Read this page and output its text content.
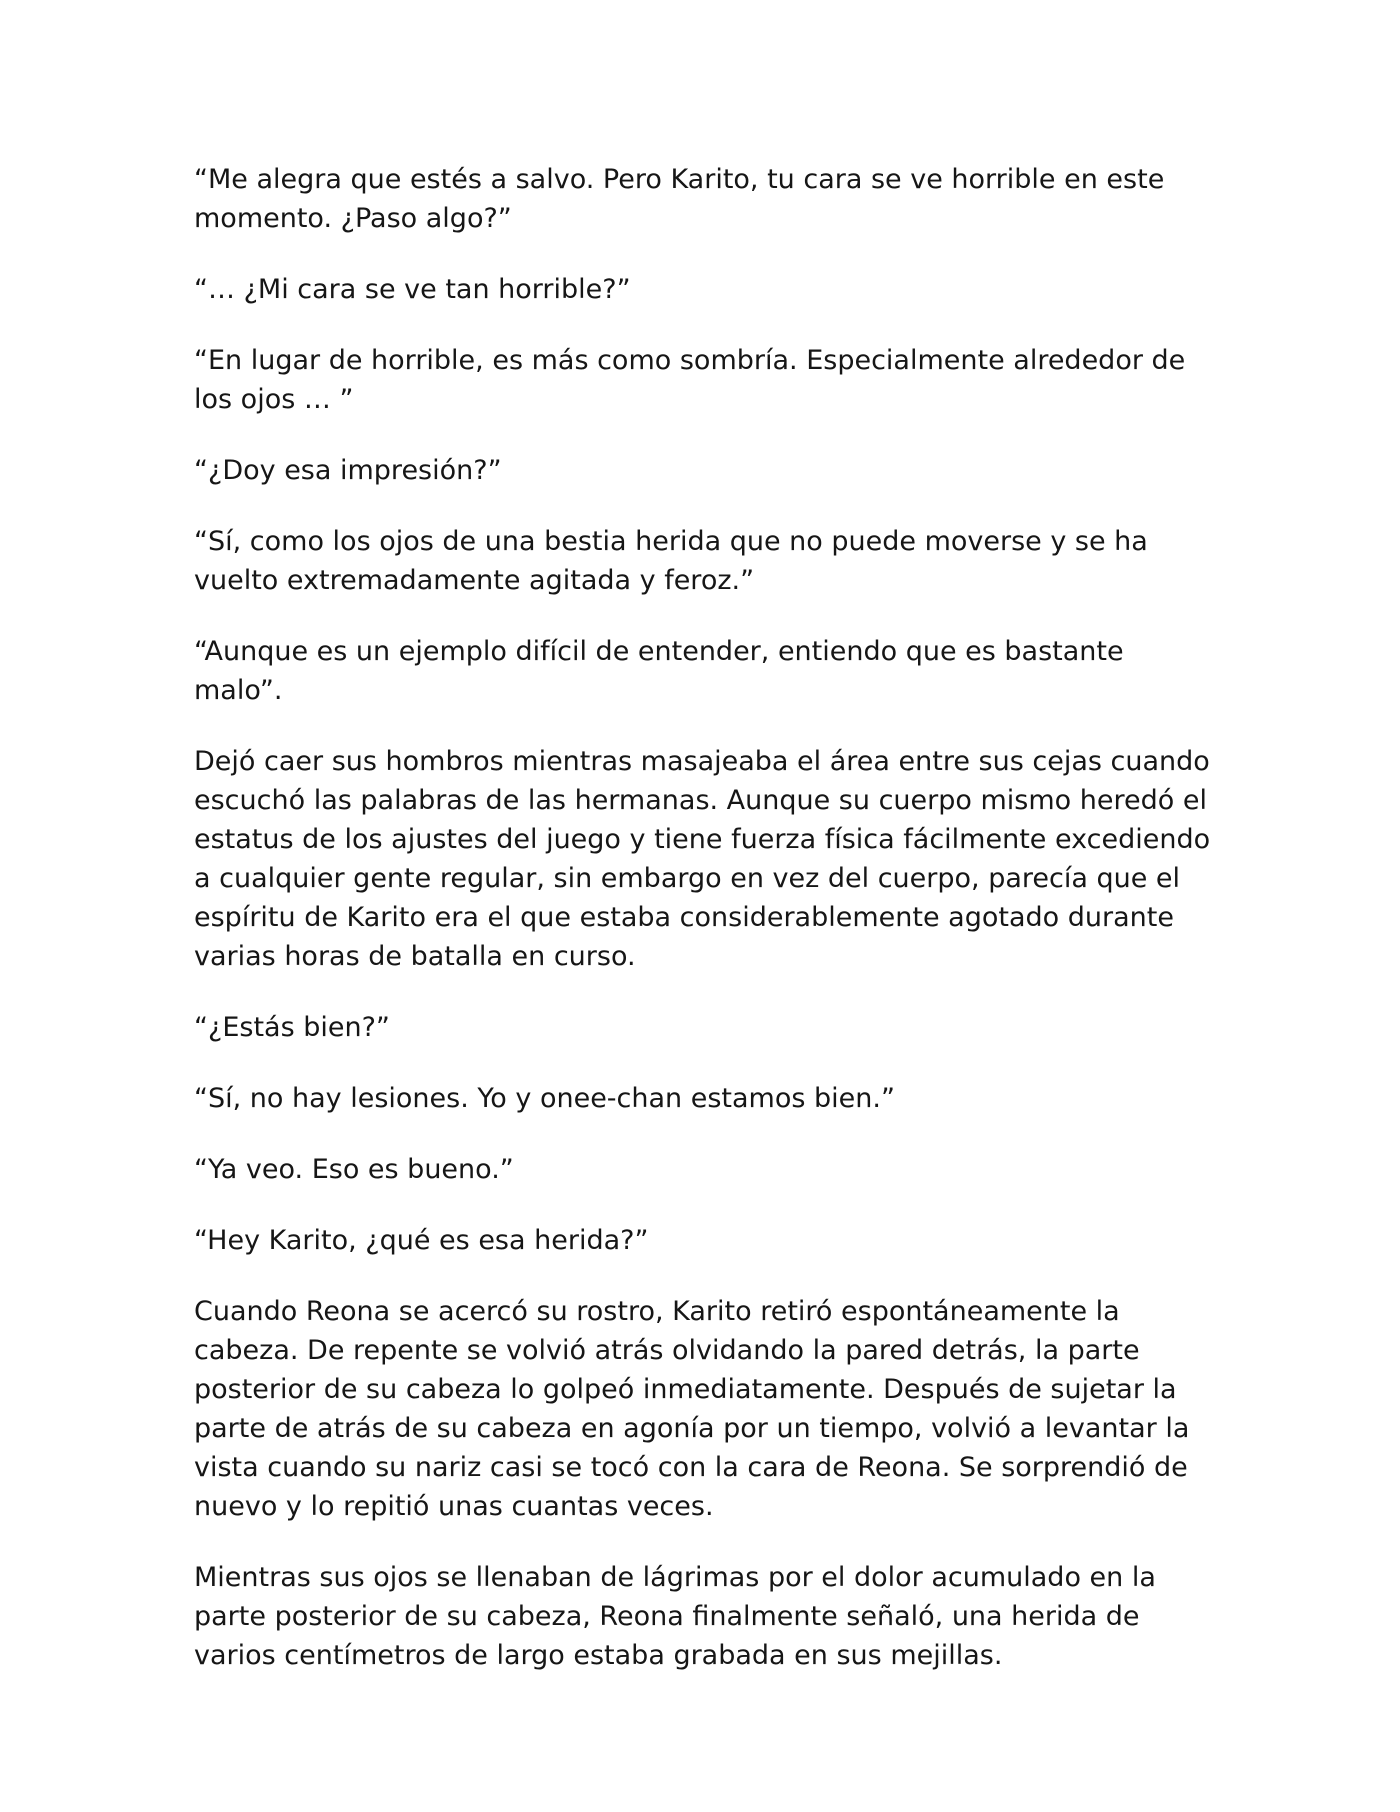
“Me alegra que estés a salvo. Pero Karito, tu cara se ve horrible en este momento. ¿Paso algo?”

“… ¿Mi cara se ve tan horrible?”

“En lugar de horrible, es más como sombría. Especialmente alrededor de los ojos … ”

“¿Doy esa impresión?”

“Sí, como los ojos de una bestia herida que no puede moverse y se ha vuelto extremadamente agitada y feroz.”

“Aunque es un ejemplo difícil de entender, entiendo que es bastante malo”.

Dejó caer sus hombros mientras masajeaba el área entre sus cejas cuando escuchó las palabras de las hermanas. Aunque su cuerpo mismo heredó el estatus de los ajustes del juego y tiene fuerza física fácilmente excediendo a cualquier gente regular, sin embargo en vez del cuerpo, parecía que el espíritu de Karito era el que estaba considerablemente agotado durante varias horas de batalla en curso.

“¿Estás bien?”

“Sí, no hay lesiones. Yo y onee-chan estamos bien.”

“Ya veo. Eso es bueno.”

“Hey Karito, ¿qué es esa herida?”

Cuando Reona se acercó su rostro, Karito retiró espontáneamente la cabeza. De repente se volvió atrás olvidando la pared detrás, la parte posterior de su cabeza lo golpeó inmediatamente. Después de sujetar la parte de atrás de su cabeza en agonía por un tiempo, volvió a levantar la vista cuando su nariz casi se tocó con la cara de Reona. Se sorprendió de nuevo y lo repitió unas cuantas veces.

Mientras sus ojos se llenaban de lágrimas por el dolor acumulado en la parte posterior de su cabeza, Reona finalmente señaló, una herida de varios centímetros de largo estaba grabada en sus mejillas.
